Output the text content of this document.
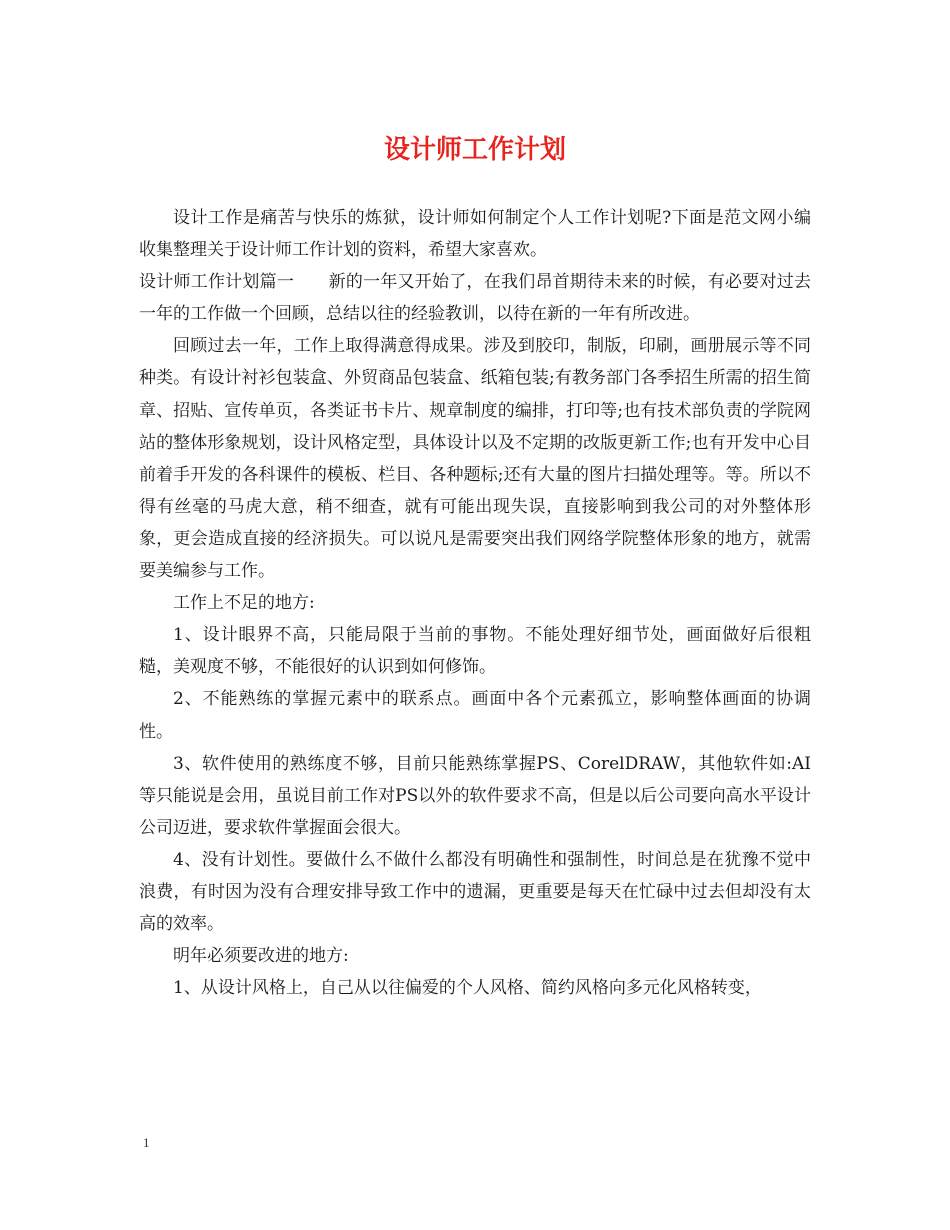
设计师工作计划

设计工作是痛苦与快乐的炼狱，设计师如何制定个人工作计划呢?下面是范文网小编收集整理关于设计师工作计划的资料，希望大家喜欢。

设计师工作计划篇一　　新的一年又开始了，在我们昂首期待未来的时候，有必要对过去一年的工作做一个回顾，总结以往的经验教训，以待在新的一年有所改进。

回顾过去一年，工作上取得满意得成果。涉及到胶印，制版，印刷，画册展示等不同种类。有设计衬衫包装盒、外贸商品包装盒、纸箱包装;有教务部门各季招生所需的招生简章、招贴、宣传单页，各类证书卡片、规章制度的编排，打印等;也有技术部负责的学院网站的整体形象规划，设计风格定型，具体设计以及不定期的改版更新工作;也有开发中心目前着手开发的各科课件的模板、栏目、各种题标;还有大量的图片扫描处理等。等。所以不得有丝毫的马虎大意，稍不细查，就有可能出现失误，直接影响到我公司的对外整体形象，更会造成直接的经济损失。可以说凡是需要突出我们网络学院整体形象的地方，就需要美编参与工作。

工作上不足的地方:

1、设计眼界不高，只能局限于当前的事物。不能处理好细节处，画面做好后很粗糙，美观度不够，不能很好的认识到如何修饰。

2、不能熟练的掌握元素中的联系点。画面中各个元素孤立，影响整体画面的协调性。

3、软件使用的熟练度不够，目前只能熟练掌握PS、CorelDRAW，其他软件如:AI 等只能说是会用，虽说目前工作对PS以外的软件要求不高，但是以后公司要向高水平设计公司迈进，要求软件掌握面会很大。

4、没有计划性。要做什么不做什么都没有明确性和强制性，时间总是在犹豫不觉中浪费，有时因为没有合理安排导致工作中的遗漏，更重要是每天在忙碌中过去但却没有太高的效率。

明年必须要改进的地方:

1、从设计风格上，自己从以往偏爱的个人风格、简约风格向多元化风格转变，

1
